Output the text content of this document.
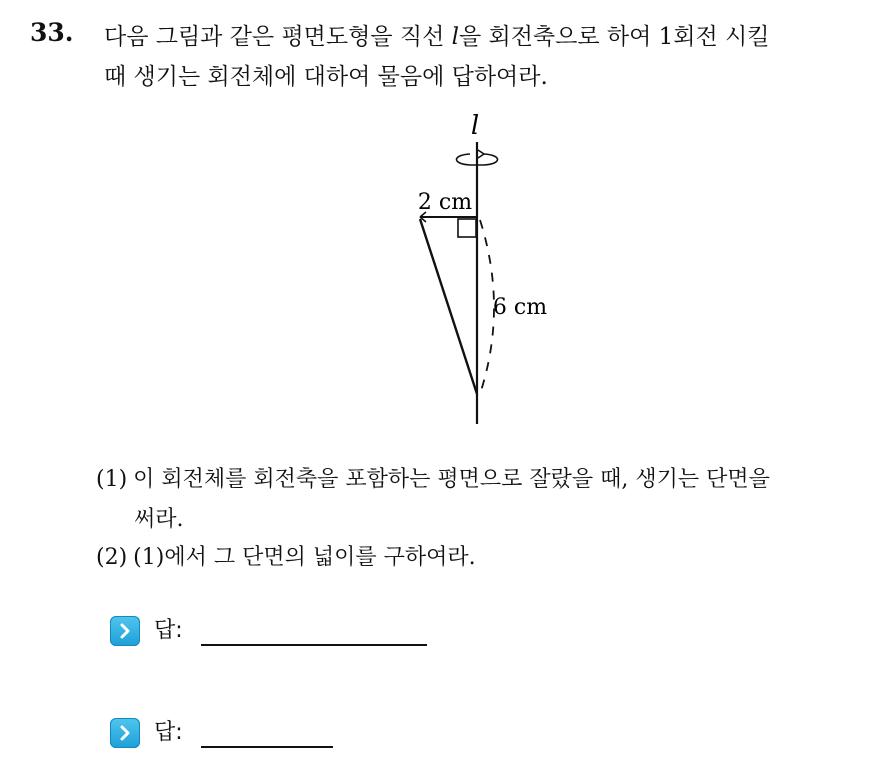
33. 다음 그림과 같은 평면도형을 직선 l을 회전축으로 하여 1회전 시킬
때 생기는 회전체에 대하여 물음에 답하여라.
l
2 cm
6 cm
(1) 이 회전체를 회전축을 포함하는 평면으로 잘랐을 때, 생기는 단면을
써라.
(2) (1)에서 그 단면의 넓이를 구하여라.
답:
답:
